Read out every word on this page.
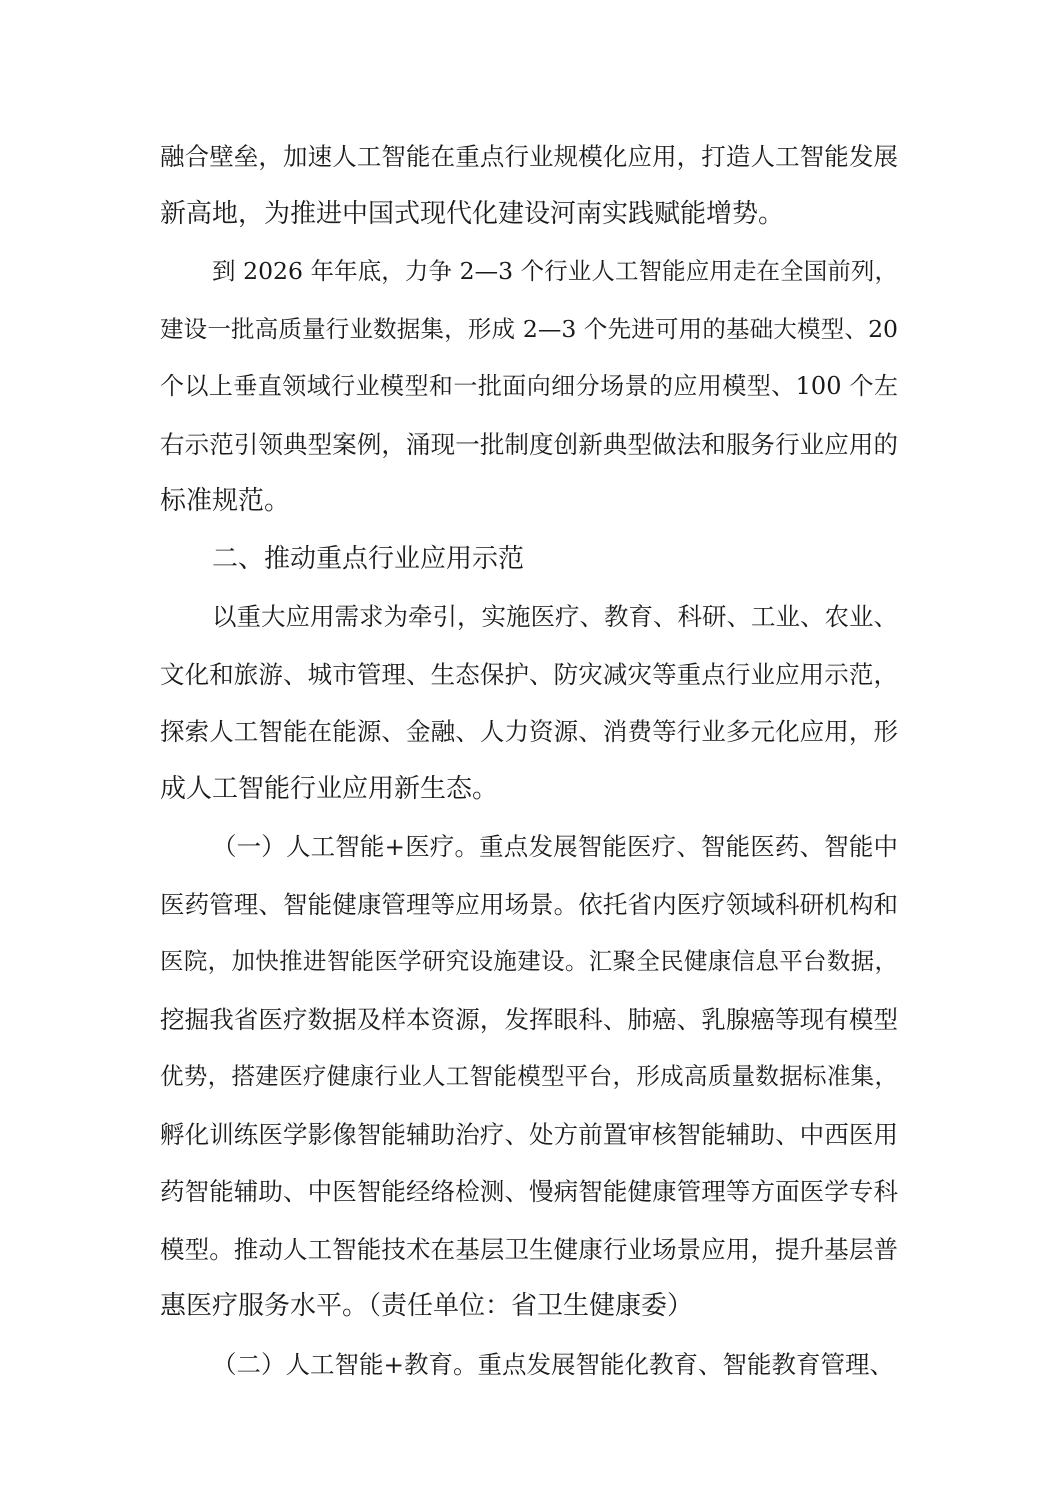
融合壁垒，加速人工智能在重点行业规模化应用，打造人工智能发展
新高地，为推进中国式现代化建设河南实践赋能增势。
到 2026 年年底，力争 2—3 个行业人工智能应用走在全国前列，
建设一批高质量行业数据集，形成 2—3 个先进可用的基础大模型、20
个以上垂直领域行业模型和一批面向细分场景的应用模型、100 个左
右示范引领典型案例，涌现一批制度创新典型做法和服务行业应用的
标准规范。
二、推动重点行业应用示范
以重大应用需求为牵引，实施医疗、教育、科研、工业、农业、
文化和旅游、城市管理、生态保护、防灾减灾等重点行业应用示范，
探索人工智能在能源、金融、人力资源、消费等行业多元化应用，形
成人工智能行业应用新生态。
（一）人工智能+医疗。重点发展智能医疗、智能医药、智能中
医药管理、智能健康管理等应用场景。依托省内医疗领域科研机构和
医院，加快推进智能医学研究设施建设。汇聚全民健康信息平台数据，
挖掘我省医疗数据及样本资源，发挥眼科、肺癌、乳腺癌等现有模型
优势，搭建医疗健康行业人工智能模型平台，形成高质量数据标准集，
孵化训练医学影像智能辅助治疗、处方前置审核智能辅助、中西医用
药智能辅助、中医智能经络检测、慢病智能健康管理等方面医学专科
模型。推动人工智能技术在基层卫生健康行业场景应用，提升基层普
惠医疗服务水平。（责任单位：省卫生健康委）
（二）人工智能+教育。重点发展智能化教育、智能教育管理、
